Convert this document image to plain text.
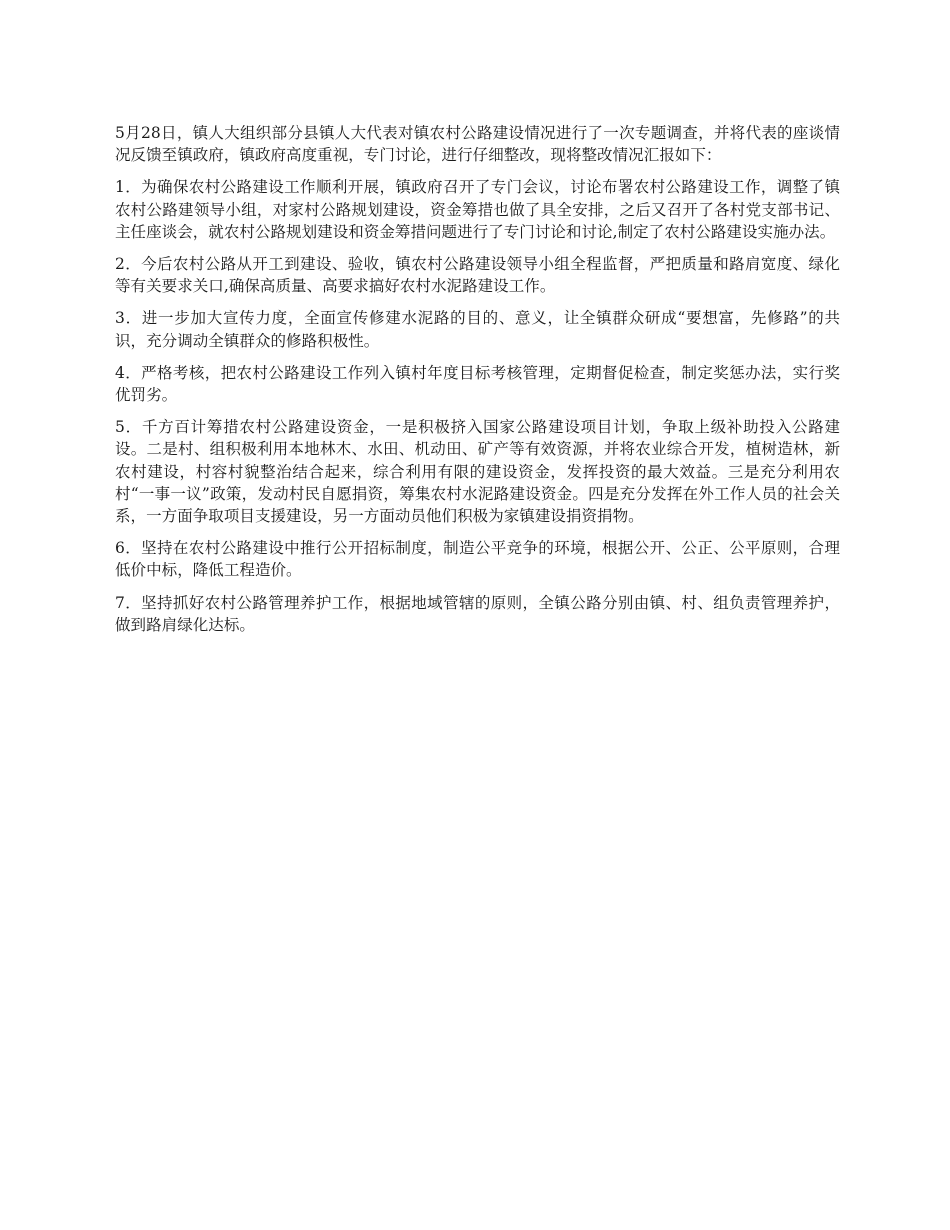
5月28日，镇人大组织部分县镇人大代表对镇农村公路建设情况进行了一次专题调查，并将代表的座谈情况反馈至镇政府，镇政府高度重视，专门讨论，进行仔细整改，现将整改情况汇报如下：

1．为确保农村公路建设工作顺利开展，镇政府召开了专门会议，讨论布署农村公路建设工作，调整了镇农村公路建领导小组，对家村公路规划建设，资金筹措也做了具全安排，之后又召开了各村党支部书记、主任座谈会，就农村公路规划建设和资金筹措问题进行了专门讨论和讨论,制定了农村公路建设实施办法。

2．今后农村公路从开工到建设、验收，镇农村公路建设领导小组全程监督，严把质量和路肩宽度、绿化等有关要求关口,确保高质量、高要求搞好农村水泥路建设工作。

3．进一步加大宣传力度，全面宣传修建水泥路的目的、意义，让全镇群众研成“要想富，先修路”的共识，充分调动全镇群众的修路积极性。

4．严格考核，把农村公路建设工作列入镇村年度目标考核管理，定期督促检查，制定奖惩办法，实行奖优罚劣。

5．千方百计筹措农村公路建设资金，一是积极挤入国家公路建设项目计划，争取上级补助投入公路建设。二是村、组积极利用本地林木、水田、机动田、矿产等有效资源，并将农业综合开发，植树造林，新农村建设，村容村貌整治结合起来，综合利用有限的建设资金，发挥投资的最大效益。三是充分利用农村“一事一议”政策，发动村民自愿捐资，筹集农村水泥路建设资金。四是充分发挥在外工作人员的社会关系，一方面争取项目支援建设，另一方面动员他们积极为家镇建设捐资捐物。

6．坚持在农村公路建设中推行公开招标制度，制造公平竞争的环境，根据公开、公正、公平原则，合理低价中标，降低工程造价。

7．坚持抓好农村公路管理养护工作，根据地域管辖的原则，全镇公路分别由镇、村、组负责管理养护，做到路肩绿化达标。
